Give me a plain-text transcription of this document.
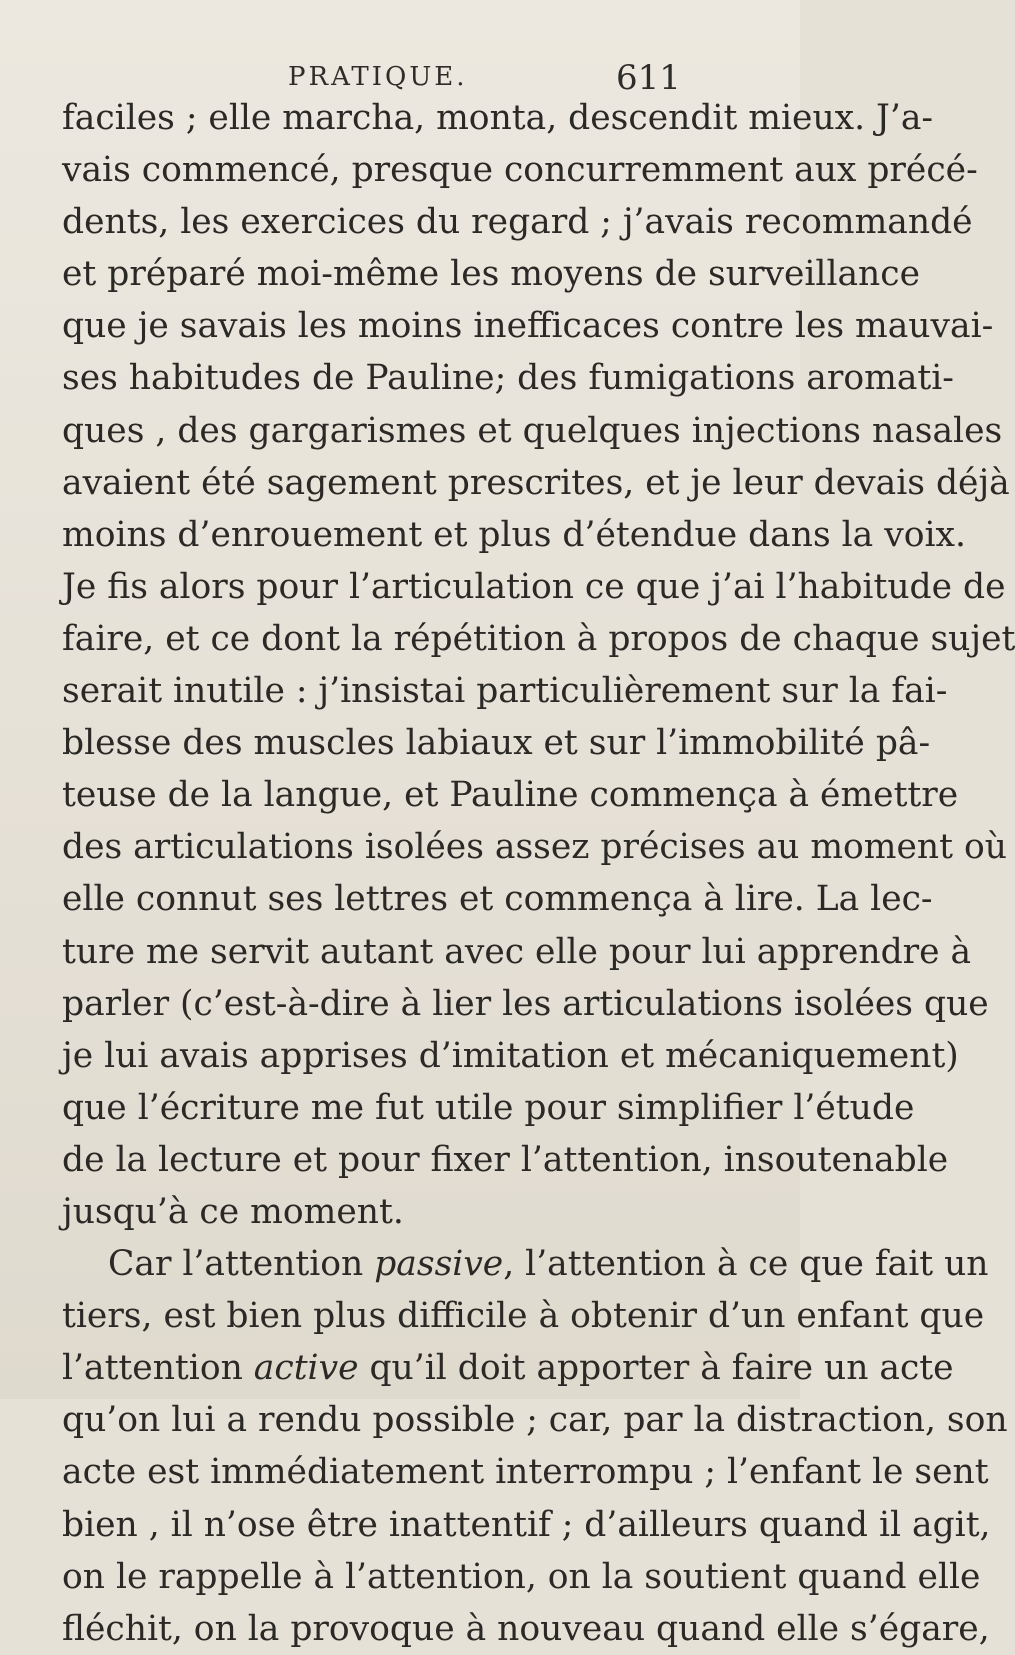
PRATIQUE.	611
faciles ; elle marcha, monta, descendit mieux. J’a-
vais commencé, presque concurremment aux précé-
dents, les exercices du regard ; j’avais recommandé
et préparé moi-même les moyens de surveillance
que je savais les moins inefficaces contre les mauvai-
ses habitudes de Pauline; des fumigations aromati-
ques , des gargarismes et quelques injections nasales
avaient été sagement prescrites, et je leur devais déjà
moins d’enrouement et plus d’étendue dans la voix.
Je fis alors pour l’articulation ce que j’ai l’habitude de
faire, et ce dont la répétition à propos de chaque sujet
serait inutile : j’insistai particulièrement sur la fai-
blesse des muscles labiaux et sur l’immobilité pâ-
teuse de la langue, et Pauline commença à émettre
des articulations isolées assez précises au moment où
elle connut ses lettres et commença à lire. La lec-
ture me servit autant avec elle pour lui apprendre à
parler (c’est-à-dire à lier les articulations isolées que
je lui avais apprises d’imitation et mécaniquement)
que l’écriture me fut utile pour simplifier l’étude
de la lecture et pour fixer l’attention, insoutenable
jusqu’à ce moment.
Car l’attention passive, l’attention à ce que fait un
tiers, est bien plus difficile à obtenir d’un enfant que
l’attention active qu’il doit apporter à faire un acte
qu’on lui a rendu possible ; car, par la distraction, son
acte est immédiatement interrompu ; l’enfant le sent
bien , il n’ose être inattentif ; d’ailleurs quand il agit,
on le rappelle à l’attention, on la soutient quand elle
fléchit, on la provoque à nouveau quand elle s’égare,
